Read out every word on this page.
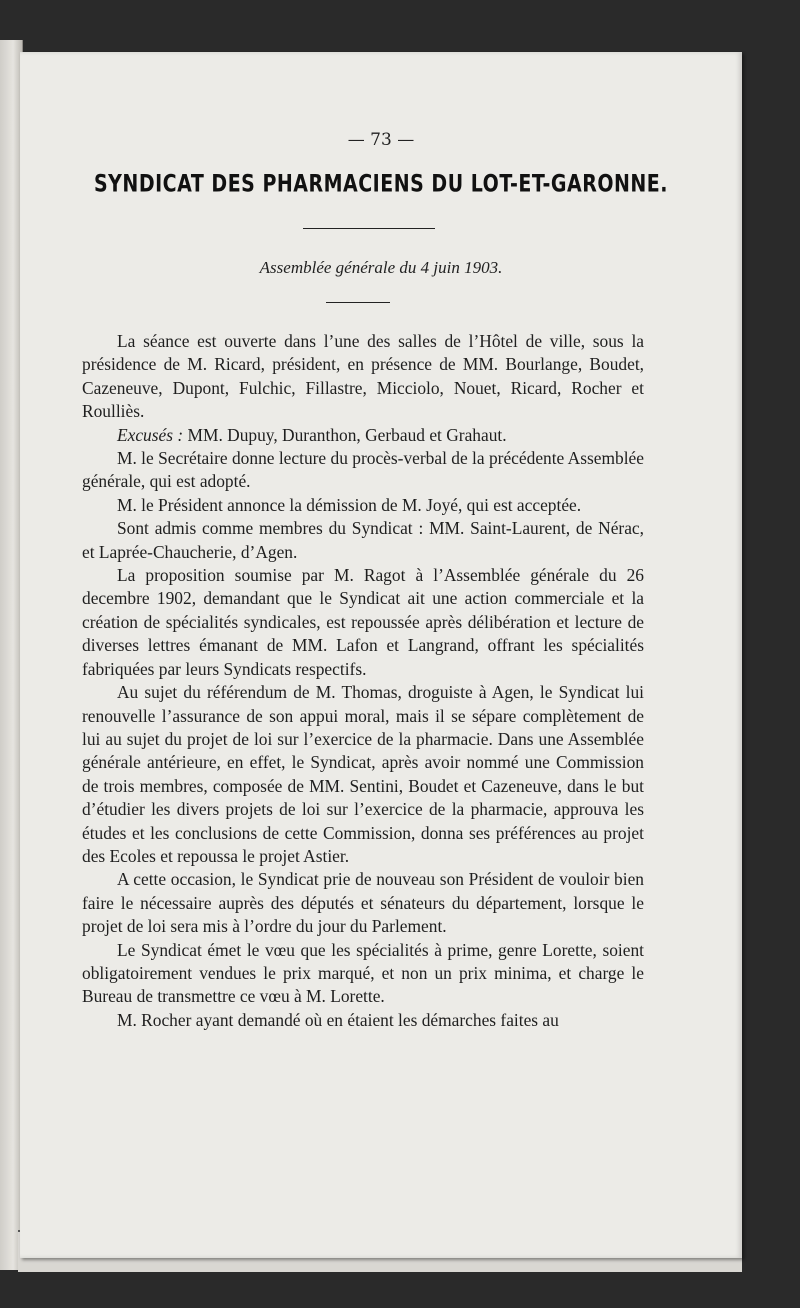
— 73 —
SYNDICAT DES PHARMACIENS DU LOT-ET-GARONNE.
Assemblée générale du 4 juin 1903.

La séance est ouverte dans l’une des salles de l’Hôtel de ville, sous la présidence de M. Ricard, président, en présence de MM. Bourlange, Boudet, Cazeneuve, Dupont, Fulchic, Fillastre, Micciolo, Nouet, Ricard, Rocher et Roulliès.

Excusés : MM. Dupuy, Duranthon, Gerbaud et Grahaut.

M. le Secrétaire donne lecture du procès-verbal de la précédente Assemblée générale, qui est adopté.

M. le Président annonce la démission de M. Joyé, qui est acceptée.

Sont admis comme membres du Syndicat : MM. Saint-Laurent, de Nérac, et Laprée-Chaucherie, d’Agen.

La proposition soumise par M. Ragot à l’Assemblée générale du 26 decembre 1902, demandant que le Syndicat ait une action commerciale et la création de spécialités syndicales, est repoussée après délibération et lecture de diverses lettres émanant de MM. Lafon et Langrand, offrant les spécialités fabriquées par leurs Syndicats respectifs.

Au sujet du référendum de M. Thomas, droguiste à Agen, le Syndicat lui renouvelle l’assurance de son appui moral, mais il se sépare complètement de lui au sujet du projet de loi sur l’exercice de la pharmacie. Dans une Assemblée générale antérieure, en effet, le Syndicat, après avoir nommé une Commission de trois membres, composée de MM. Sentini, Boudet et Cazeneuve, dans le but d’étudier les divers projets de loi sur l’exercice de la pharmacie, approuva les études et les conclusions de cette Commission, donna ses préférences au projet des Ecoles et repoussa le projet Astier.

A cette occasion, le Syndicat prie de nouveau son Président de vouloir bien faire le nécessaire auprès des députés et sénateurs du département, lorsque le projet de loi sera mis à l’ordre du jour du Parlement.

Le Syndicat émet le vœu que les spécialités à prime, genre Lorette, soient obligatoirement vendues le prix marqué, et non un prix minima, et charge le Bureau de transmettre ce vœu à M. Lorette.

M. Rocher ayant demandé où en étaient les démarches faites au
